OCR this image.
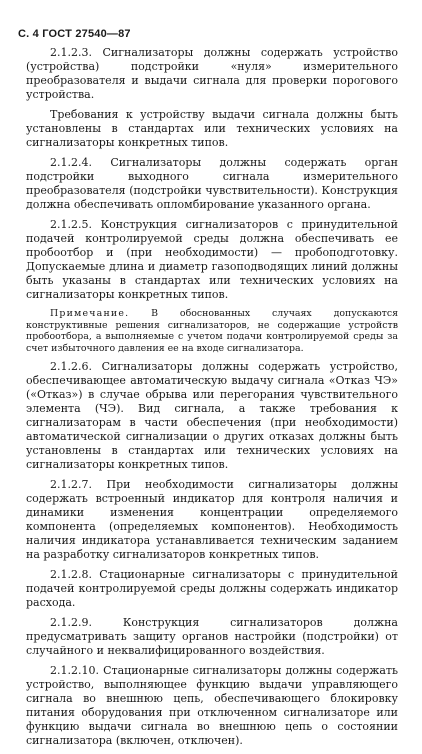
С. 4 ГОСТ 27540—87

2.1.2.3. Сигнализаторы должны содержать устройство (устройства) подстройки «нуля» измерительного преобразователя и выдачи сигнала для проверки порогового устройства.

Требования к устройству выдачи сигнала должны быть установлены в стандартах или технических условиях на сигнализаторы конкретных типов.

2.1.2.4. Сигнализаторы должны содержать орган подстройки выходного сигнала измерительного преобразователя (подстройки чувствительности). Конструкция должна обеспечивать опломбирование указанного органа.

2.1.2.5. Конструкция сигнализаторов с принудительной подачей контролируемой среды должна обеспечивать ее пробоотбор и (при необходимости) — пробоподготовку. Допускаемые длина и диаметр газоподводящих линий должны быть указаны в стандартах или технических условиях на сигнализаторы конкретных типов.

Примечание. В обоснованных случаях допускаются конструктивные решения сигнализаторов, не содержащие устройств пробоотбора, а выполняемые с учетом подачи контролируемой среды за счет избыточного давления ее на входе сигнализатора.

2.1.2.6. Сигнализаторы должны содержать устройство, обеспечивающее автоматическую выдачу сигнала «Отказ ЧЭ» («Отказ») в случае обрыва или перегорания чувствительного элемента (ЧЭ). Вид сигнала, а также требования к сигнализаторам в части обеспечения (при необходимости) автоматической сигнализации о других отказах должны быть установлены в стандартах или технических условиях на сигнализаторы конкретных типов.

2.1.2.7. При необходимости сигнализаторы должны содержать встроенный индикатор для контроля наличия и динамики изменения концентрации определяемого компонента (определяемых компонентов). Необходимость наличия индикатора устанавливается техническим заданием на разработку сигнализаторов конкретных типов.

2.1.2.8. Стационарные сигнализаторы с принудительной подачей контролируемой среды должны содержать индикатор расхода.

2.1.2.9. Конструкция сигнализаторов должна предусматривать защиту органов настройки (подстройки) от случайного и неквалифицированного воздействия.

2.1.2.10. Стационарные сигнализаторы должны содержать устройство, выполняющее функцию выдачи управляющего сигнала во внешнюю цепь, обеспечивающего блокировку питания оборудования при отключенном сигнализаторе или функцию выдачи сигнала во внешнюю цепь о состоянии сигнализатора (включен, отключен).
